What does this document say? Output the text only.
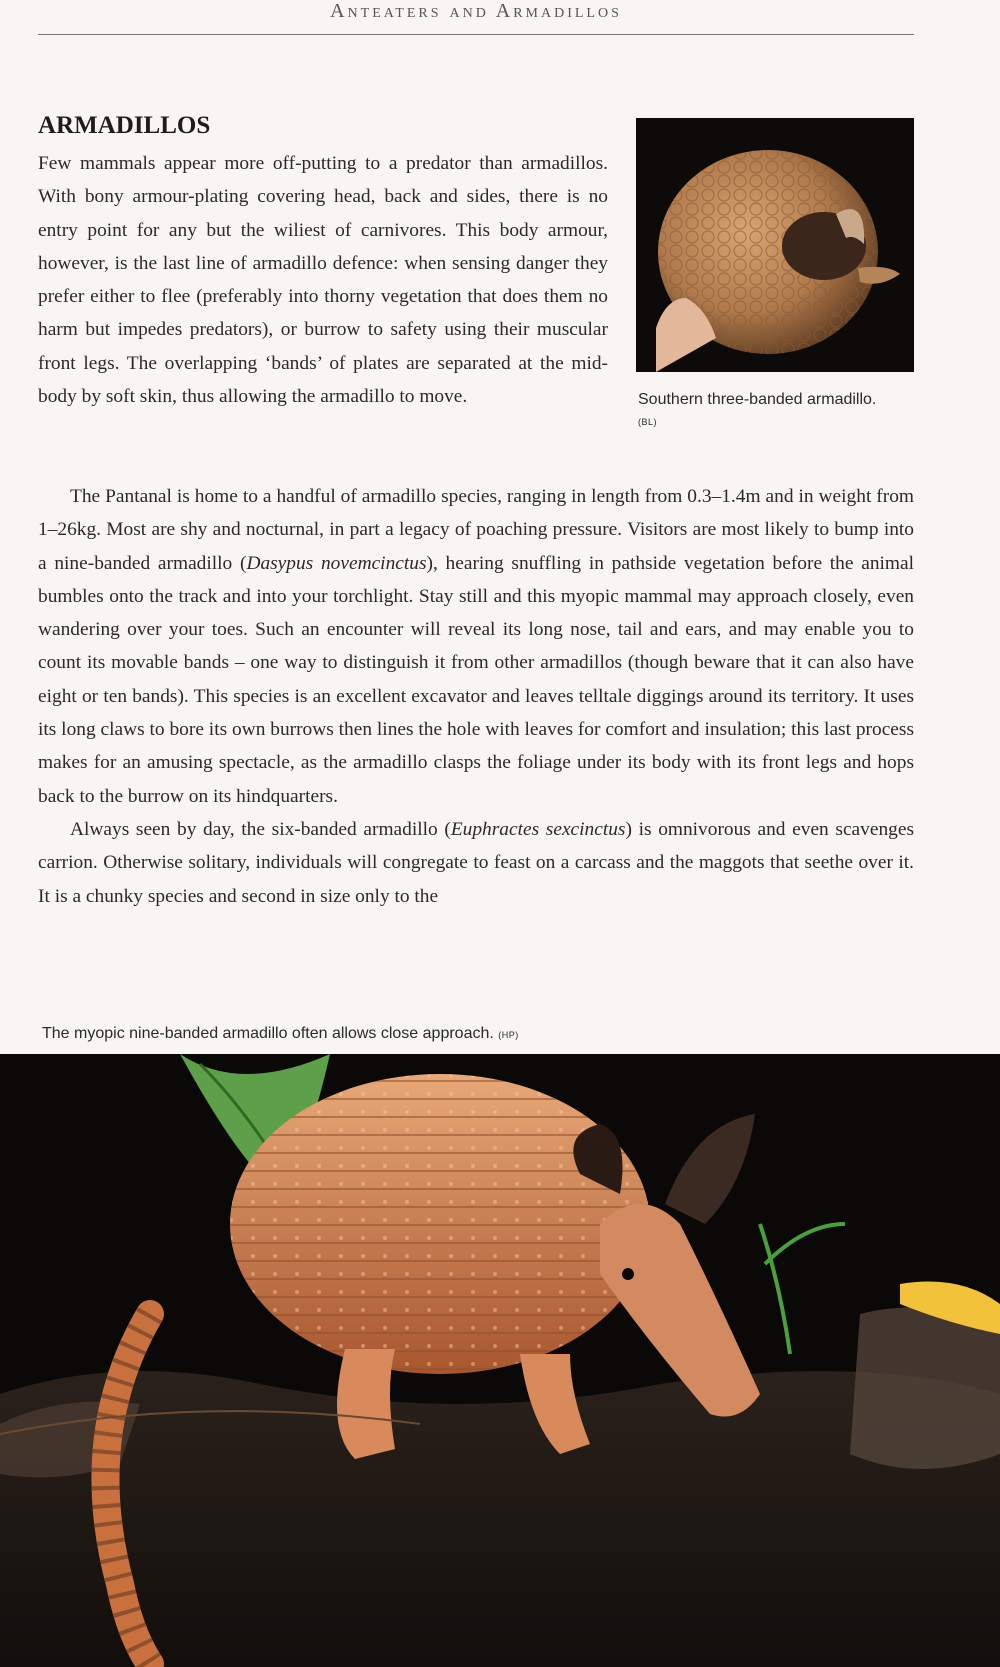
Anteaters and Armadillos
ARMADILLOS

Few mammals appear more off-putting to a predator than armadillos. With bony armour-plating covering head, back and sides, there is no entry point for any but the wiliest of carnivores. This body armour, however, is the last line of armadillo defence: when sensing danger they prefer either to flee (preferably into thorny vegetation that does them no harm but impedes predators), or burrow to safety using their muscular front legs. The overlapping ‘bands’ of plates are separated at the mid-body by soft skin, thus allowing the armadillo to move.	Southern three-banded armadillo. (BL)

The Pantanal is home to a handful of armadillo species, ranging in length from 0.3–1.4m and in weight from 1–26kg. Most are shy and nocturnal, in part a legacy of poaching pressure. Visitors are most likely to bump into a nine-banded armadillo (Dasypus novemcinctus), hearing snuffling in pathside vegetation before the animal bumbles onto the track and into your torchlight. Stay still and this myopic mammal may approach closely, even wandering over your toes. Such an encounter will reveal its long nose, tail and ears, and may enable you to count its movable bands – one way to distinguish it from other armadillos (though beware that it can also have eight or ten bands). This species is an excellent excavator and leaves telltale diggings around its territory. It uses its long claws to bore its own burrows then lines the hole with leaves for comfort and insulation; this last process makes for an amusing spectacle, as the armadillo clasps the foliage under its body with its front legs and hops back to the burrow on its hindquarters.

Always seen by day, the six-banded armadillo (Euphractes sexcinctus) is omnivorous and even scavenges carrion. Otherwise solitary, individuals will congregate to feast on a carcass and the maggots that seethe over it. It is a chunky species and second in size only to the

The myopic nine-banded armadillo often allows close approach. (HP)
